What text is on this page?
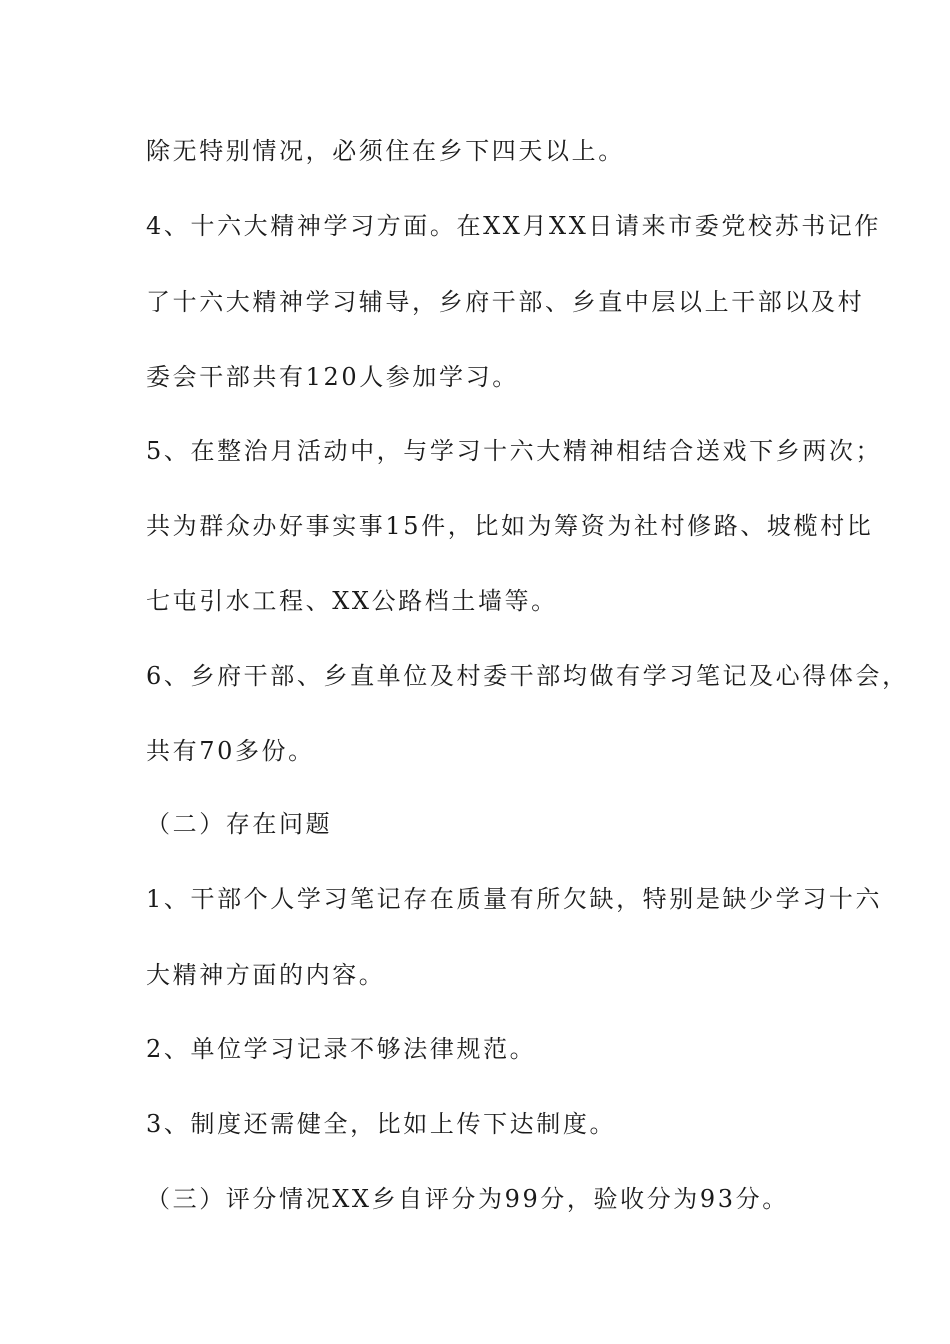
除无特别情况，必须住在乡下四天以上。
4、十六大精神学习方面。在XX月XX日请来市委党校苏书记作
了十六大精神学习辅导，乡府干部、乡直中层以上干部以及村
委会干部共有120人参加学习。
5、在整治月活动中，与学习十六大精神相结合送戏下乡两次；
共为群众办好事实事15件，比如为筹资为社村修路、坡榄村比
七屯引水工程、XX公路档土墙等。
6、乡府干部、乡直单位及村委干部均做有学习笔记及心得体会，
共有70多份。
（二）存在问题
1、干部个人学习笔记存在质量有所欠缺，特别是缺少学习十六
大精神方面的内容。
2、单位学习记录不够法律规范。
3、制度还需健全，比如上传下达制度。
（三）评分情况XX乡自评分为99分，验收分为93分。
